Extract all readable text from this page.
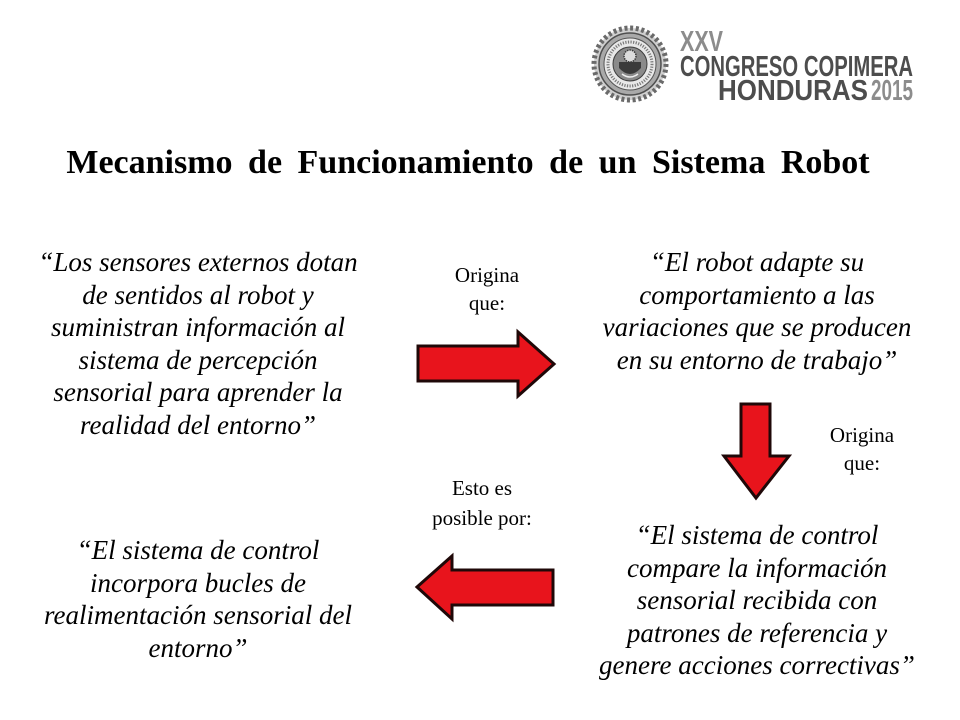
XXV
CONGRESO COPIMERA
HONDURAS 2015
Mecanismo de Funcionamiento de un Sistema Robot
“Los sensores externos dotan
de sentidos al robot y
suministran información al
sistema de percepción
sensorial para aprender la
realidad del entorno”
Origina
que:
“El robot adapte su
comportamiento a las
variaciones que se producen
en su entorno de trabajo”
Origina
que:
Esto es
posible por:
“El sistema de control
compare la información
sensorial recibida con
patrones de referencia y
genere acciones correctivas”
“El sistema de control
incorpora bucles de
realimentación sensorial del
entorno”
